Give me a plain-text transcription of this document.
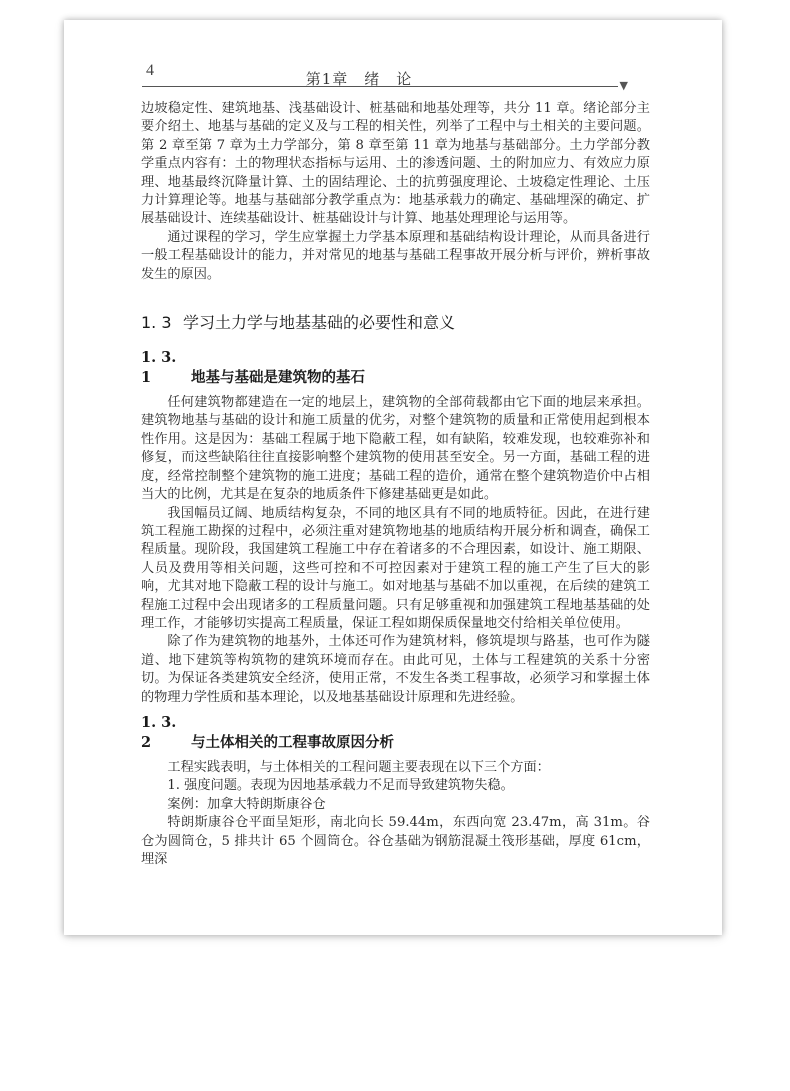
4	第1章　绪　论	▼

边坡稳定性、建筑地基、浅基础设计、桩基础和地基处理等，共分 11 章。绪论部分主要介绍土、地基与基础的定义及与工程的相关性，列举了工程中与土相关的主要问题。第 2 章至第 7 章为土力学部分，第 8 章至第 11 章为地基与基础部分。土力学部分教学重点内容有：土的物理状态指标与运用、土的渗透问题、土的附加应力、有效应力原理、地基最终沉降量计算、土的固结理论、土的抗剪强度理论、土坡稳定性理论、土压力计算理论等。地基与基础部分教学重点为：地基承载力的确定、基础埋深的确定、扩展基础设计、连续基础设计、桩基础设计与计算、地基处理理论与运用等。

通过课程的学习，学生应掌握土力学基本原理和基础结构设计理论，从而具备进行一般工程基础设计的能力，并对常见的地基与基础工程事故开展分析与评价，辨析事故发生的原因。

1. 3 学习土力学与地基基础的必要性和意义
1. 3. 1	地基与基础是建筑物的基石

任何建筑物都建造在一定的地层上，建筑物的全部荷载都由它下面的地层来承担。建筑物地基与基础的设计和施工质量的优劣，对整个建筑物的质量和正常使用起到根本性作用。这是因为：基础工程属于地下隐蔽工程，如有缺陷，较难发现，也较难弥补和修复，而这些缺陷往往直接影响整个建筑物的使用甚至安全。另一方面，基础工程的进度，经常控制整个建筑物的施工进度；基础工程的造价，通常在整个建筑物造价中占相当大的比例，尤其是在复杂的地质条件下修建基础更是如此。

我国幅员辽阔、地质结构复杂，不同的地区具有不同的地质特征。因此，在进行建筑工程施工勘探的过程中，必须注重对建筑物地基的地质结构开展分析和调查，确保工程质量。现阶段，我国建筑工程施工中存在着诸多的不合理因素，如设计、施工期限、人员及费用等相关问题，这些可控和不可控因素对于建筑工程的施工产生了巨大的影响，尤其对地下隐蔽工程的设计与施工。如对地基与基础不加以重视，在后续的建筑工程施工过程中会出现诸多的工程质量问题。只有足够重视和加强建筑工程地基基础的处理工作，才能够切实提高工程质量，保证工程如期保质保量地交付给相关单位使用。

除了作为建筑物的地基外，土体还可作为建筑材料，修筑堤坝与路基，也可作为隧道、地下建筑等构筑物的建筑环境而存在。由此可见，土体与工程建筑的关系十分密切。为保证各类建筑安全经济，使用正常，不发生各类工程事故，必须学习和掌握土体的物理力学性质和基本理论，以及地基基础设计原理和先进经验。

1. 3. 2	与土体相关的工程事故原因分析

工程实践表明，与土体相关的工程问题主要表现在以下三个方面：

1. 强度问题。表现为因地基承载力不足而导致建筑物失稳。

案例：加拿大特朗斯康谷仓

特朗斯康谷仓平面呈矩形，南北向长 59.44m，东西向宽 23.47m，高 31m。谷仓为圆筒仓，5 排共计 65 个圆筒仓。谷仓基础为钢筋混凝土筏形基础，厚度 61cm，埋深
